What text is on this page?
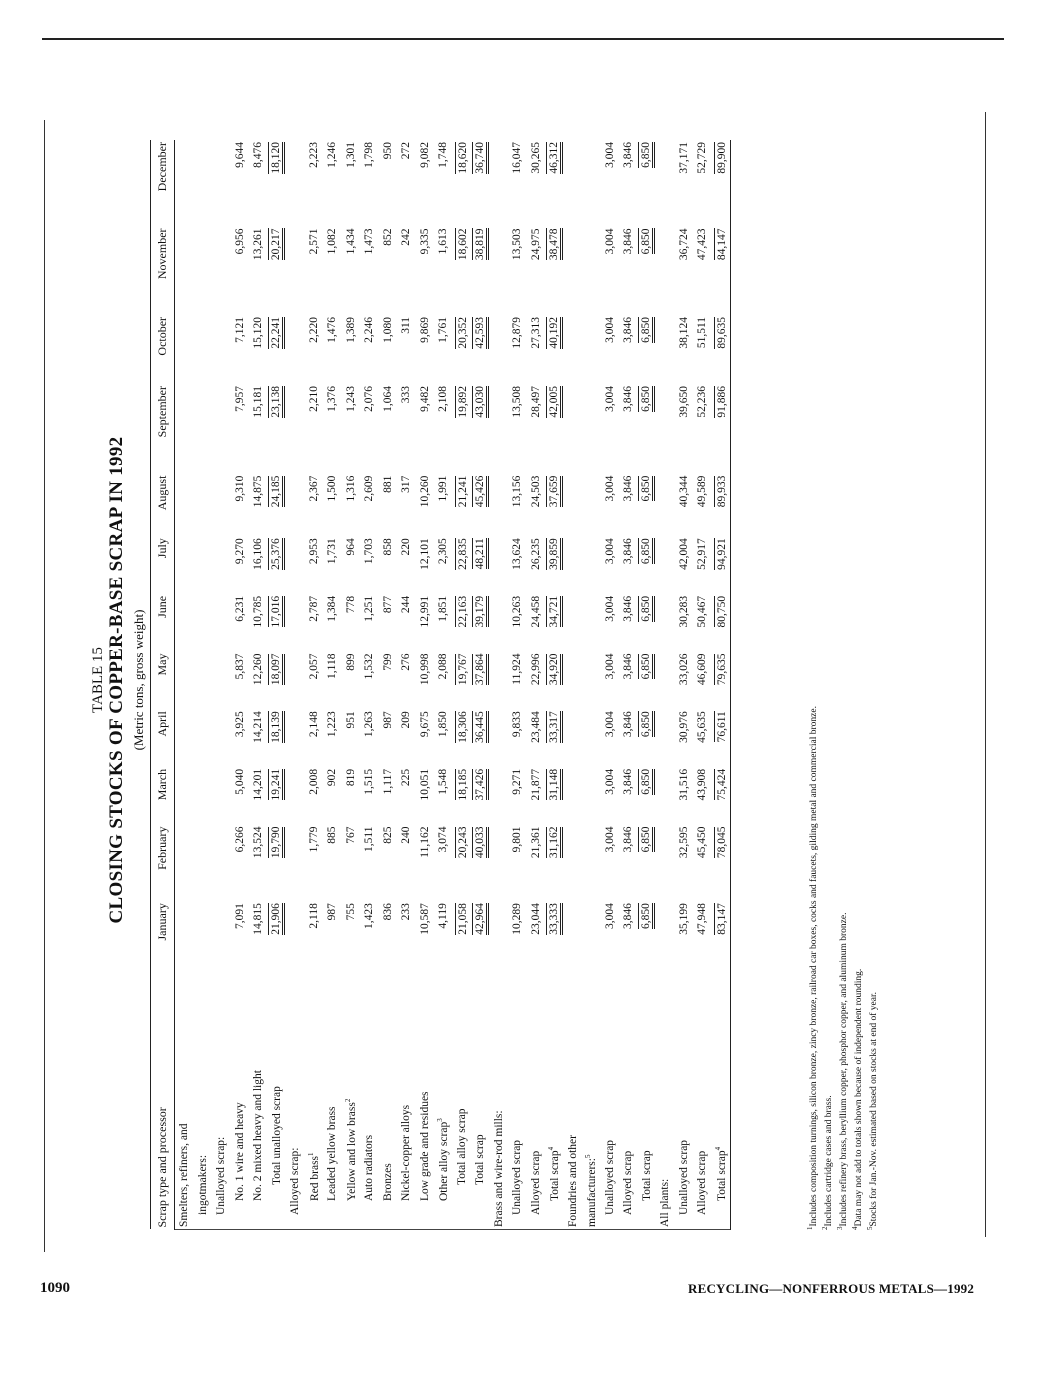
TABLE 15 CLOSING STOCKS OF COPPER-BASE SCRAP IN 1992 (Metric tons, gross weight)
Scrap type and processor	January	February	March	April	May	June	July	August	September	October	November	December
Smelters, refiners, and												
ingotmakers:												
Unalloyed scrap:												
No. 1 wire and heavy	7,091	6,266	5,040	3,925	5,837	6,231	9,270	9,310	7,957	7,121	6,956	9,644
No. 2 mixed heavy and light	14,815	13,524	14,201	14,214	12,260	10,785	16,106	14,875	15,181	15,120	13,261	8,476
Total unalloyed scrap	21,906	19,790	19,241	18,139	18,097	17,016	25,376	24,185	23,138	22,241	20,217	18,120
Alloyed scrap:												
Red brass$^1$	2,118	1,779	2,008	2,148	2,057	2,787	2,953	2,367	2,210	2,220	2,571	2,223
Leaded yellow brass	987	885	902	1,223	1,118	1,384	1,731	1,500	1,376	1,476	1,082	1,246
Yellow and low brass$^2$	755	767	819	951	899	778	964	1,316	1,243	1,389	1,434	1,301
Auto radiators	1,423	1,511	1,515	1,263	1,532	1,251	1,703	2,609	2,076	2,246	1,473	1,798
Bronzes	836	825	1,117	987	799	877	858	881	1,064	1,080	852	950
Nickel-copper alloys	233	240	225	209	276	244	220	317	333	311	242	272
Low grade and residues	10,587	11,162	10,051	9,675	10,998	12,991	12,101	10,260	9,482	9,869	9,335	9,082
Other alloy scrap$^3$	4,119	3,074	1,548	1,850	2,088	1,851	2,305	1,991	2,108	1,761	1,613	1,748
Total alloy scrap	21,058	20,243	18,185	18,306	19,767	22,163	22,835	21,241	19,892	20,352	18,602	18,620
Total scrap	42,964	40,033	37,426	36,445	37,864	39,179	48,211	45,426	43,030	42,593	38,819	36,740
Brass and wire-rod mills:												
Unalloyed scrap	10,289	9,801	9,271	9,833	11,924	10,263	13,624	13,156	13,508	12,879	13,503	16,047
Alloyed scrap	23,044	21,361	21,877	23,484	22,996	24,458	26,235	24,503	28,497	27,313	24,975	30,265
Total scrap$^4$	33,333	31,162	31,148	33,317	34,920	34,721	39,859	37,659	42,005	40,192	38,478	46,312
Foundries and other												
manufacturers:$^5$												
Unalloyed scrap	3,004	3,004	3,004	3,004	3,004	3,004	3,004	3,004	3,004	3,004	3,004	3,004
Alloyed scrap	3,846	3,846	3,846	3,846	3,846	3,846	3,846	3,846	3,846	3,846	3,846	3,846
Total scrap	6,850	6,850	6,850	6,850	6,850	6,850	6,850	6,850	6,850	6,850	6,850	6,850
All plants:												
Unalloyed scrap	35,199	32,595	31,516	30,976	33,026	30,283	42,004	40,344	39,650	38,124	36,724	37,171
Alloyed scrap	47,948	45,450	43,908	45,635	46,609	50,467	52,917	49,589	52,236	51,511	47,423	52,729
Total scrap$^4$	83,147	78,045	75,424	76,611	79,635	80,750	94,921	89,933	91,886	89,635	84,147	89,900
$^1$Includes composition turnings, silicon bronze, zincy bronze, railroad car boxes, cocks and faucets, gilding metal and commercial bronze.
$^2$Includes cartridge cases and brass.
$^3$Includes refinery brass, beryllium copper, phosphor copper, and aluminum bronze.
$^4$Data may not add to totals shown because of independent rounding.
$^5$Stocks for Jan.-Nov. estimated based on stocks at end of year.
1090	RECYCLING—NONFERROUS METALS—1992
